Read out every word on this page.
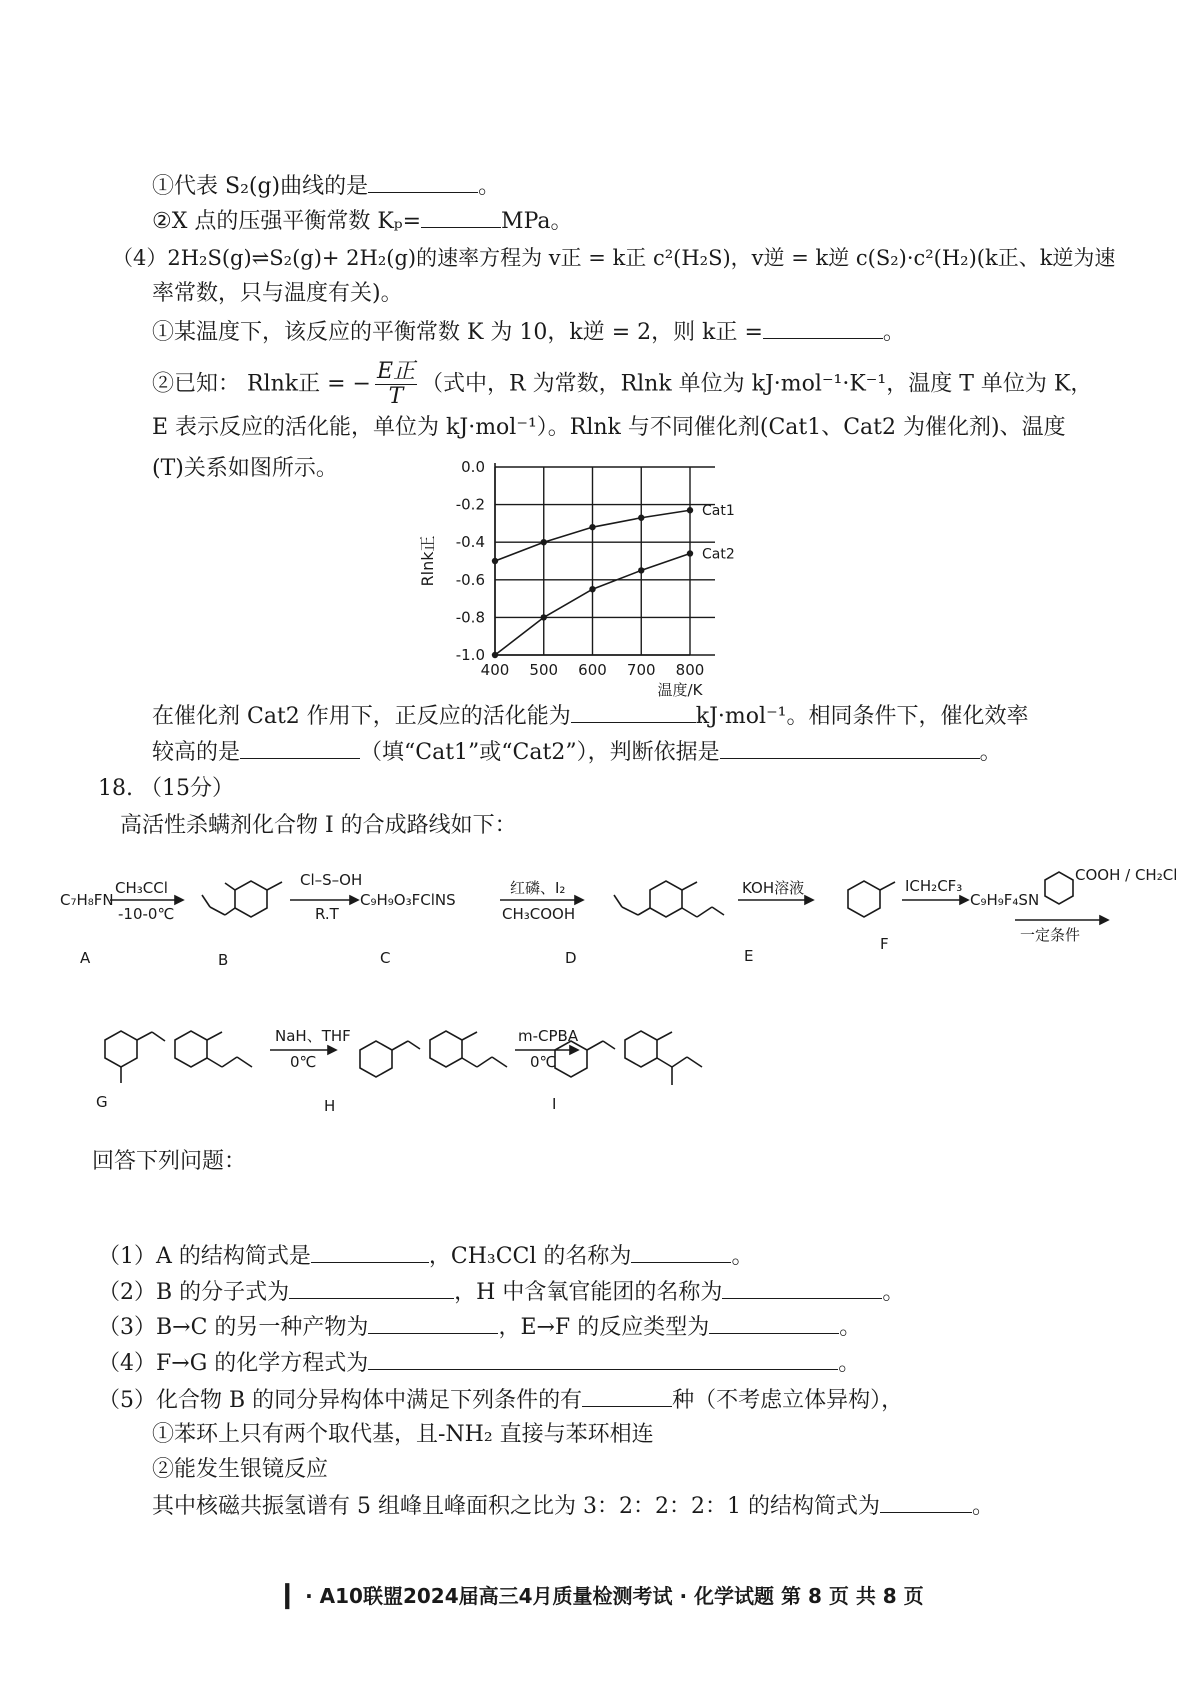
①代表 S₂(g)曲线的是	。
②X 点的压强平衡常数 Kₚ=	MPa。
（4）2H₂S(g)⇌S₂(g)+ 2H₂(g)的速率方程为 v正 = k正 c²(H₂S)，v逆 = k逆 c(S₂)·c²(H₂)(k正、k逆为速
率常数，只与温度有关)。
①某温度下，该反应的平衡常数 K 为 10，k逆 = 2，则 k正 =	。
②已知： Rlnk正 = − $\frac{\text{E正}}{T}$ （式中，R 为常数，Rlnk 单位为 kJ·mol⁻¹·K⁻¹，温度 T 单位为 K，
E 表示反应的活化能，单位为 kJ·mol⁻¹）。Rlnk 与不同催化剂(Cat1、Cat2 为催化剂)、温度
(T)关系如图所示。	0.0
-0.2
-0.4
-0.6
-0.8
-1.0
400 500 600 700 800
温度/K
Rlnk正
Cat1
Cat2
在催化剂 Cat2 作用下，正反应的活化能为	kJ·mol⁻¹。相同条件下，催化效率
较高的是	（填“Cat1”或“Cat2”），判断依据是	。
18. （15分）
高活性杀螨剂化合物 I 的合成路线如下：
C₇H₈FN
CH₃CCl
-10-0℃
Cl–S–OH
R.T
C₉H₉O₃FClNS
红磷、I₂
CH₃COOH
KOH溶液	ICH₂CF₃
C₉H₉F₄SN
COOH / CH₂Cl
一定条件
NaH、THF
0℃
m-CPBA
0℃
A	B	C	D	E
F
G	H	I
回答下列问题：
（1）A 的结构简式是	，CH₃CCl 的名称为	。
（2）B 的分子式为	，H 中含氧官能团的名称为	。
（3）B→C 的另一种产物为	，E→F 的反应类型为	。
（4）F→G 的化学方程式为	。
（5）化合物 B 的同分异构体中满足下列条件的有	种（不考虑立体异构），
①苯环上只有两个取代基，且-NH₂ 直接与苯环相连
②能发生银镜反应
其中核磁共振氢谱有 5 组峰且峰面积之比为 3：2：2：2：1 的结构简式为	。
❙ · A10联盟2024届高三4月质量检测考试 · 化学试题 第 8 页 共 8 页
